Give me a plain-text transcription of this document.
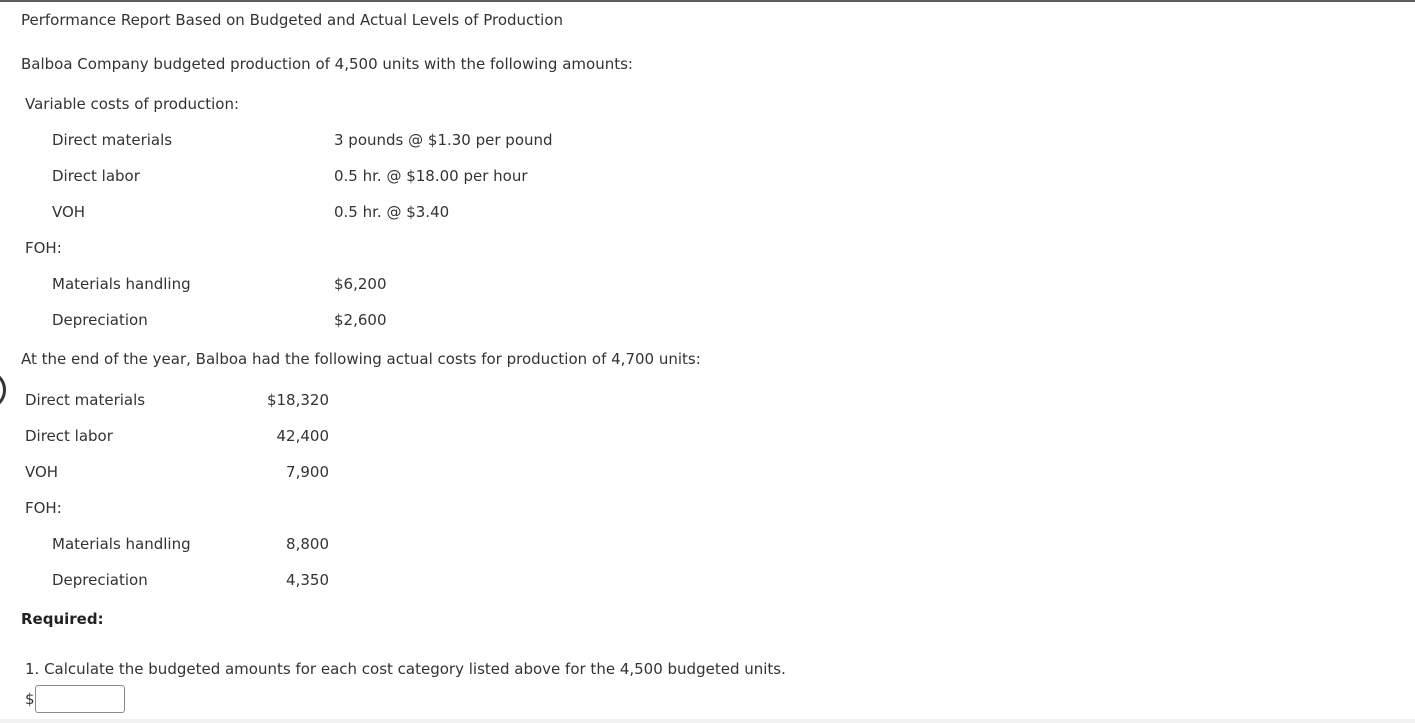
Performance Report Based on Budgeted and Actual Levels of Production
Balboa Company budgeted production of 4,500 units with the following amounts:
Variable costs of production:
Direct materials	3 pounds @ $1.30 per pound
Direct labor	0.5 hr. @ $18.00 per hour
VOH	0.5 hr. @ $3.40
FOH:
Materials handling	$6,200
Depreciation	$2,600
At the end of the year, Balboa had the following actual costs for production of 4,700 units:
Direct materials	$18,320
Direct labor	42,400
VOH	7,900
FOH:
Materials handling	8,800
Depreciation	4,350
Required:
1. Calculate the budgeted amounts for each cost category listed above for the 4,500 budgeted units.
$
